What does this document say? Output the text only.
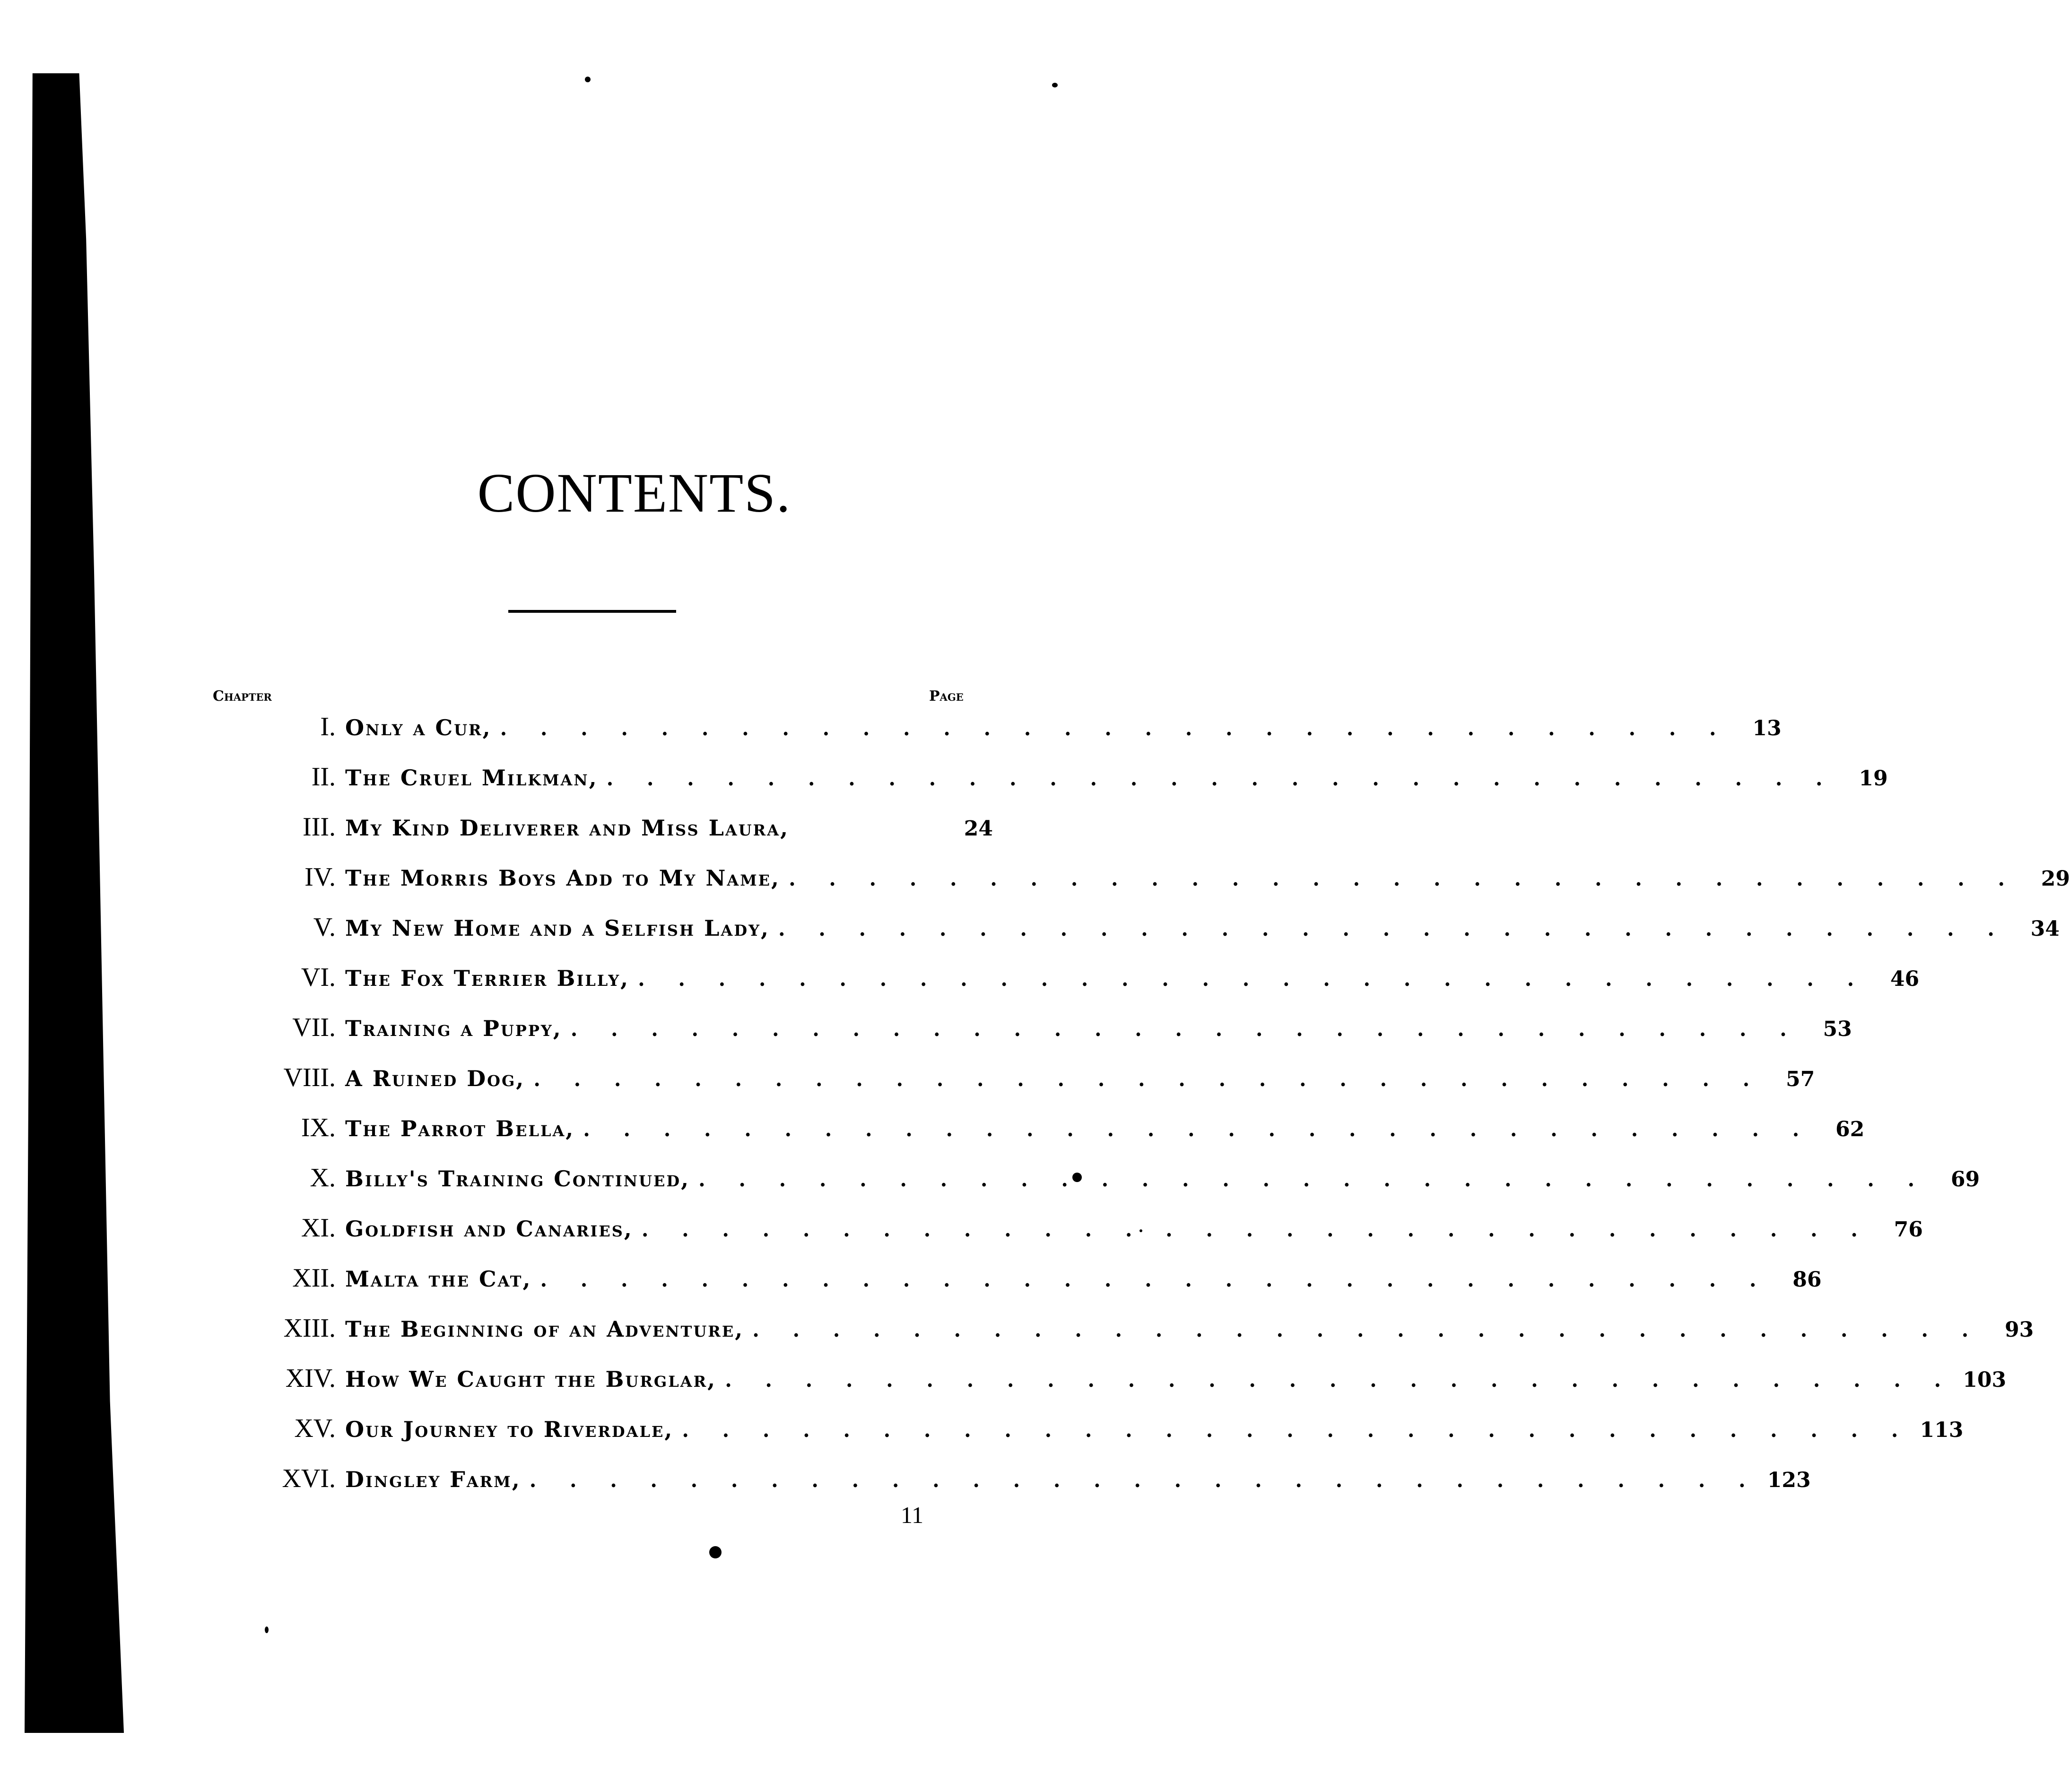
CONTENTS.
Chapter	Page
I. Only a Cur, . . . . . . . . . . . . . . . . . . . . . . . . . . . . . . .	13
II. The Cruel Milkman, . . . . . . . . . . . . . . . . . . . . . . . . . . . . . . .	19
III. My Kind Deliverer and Miss Laura,	24
IV. The Morris Boys Add to My Name, . . . . . . . . . . . . . . . . . . . . . . . . . . . . . . .	29
V. My New Home and a Selfish Lady, . . . . . . . . . . . . . . . . . . . . . . . . . . . . . . .	34
VI. The Fox Terrier Billy, . . . . . . . . . . . . . . . . . . . . . . . . . . . . . . .	46
VII. Training a Puppy, . . . . . . . . . . . . . . . . . . . . . . . . . . . . . . .	53
VIII. A Ruined Dog, . . . . . . . . . . . . . . . . . . . . . . . . . . . . . . .	57
IX. The Parrot Bella, . . . . . . . . . . . . . . . . . . . . . . . . . . . . . . .	62
X. Billy's Training Continued, . . . . . . . . . . . . . . . . . . . . . . . . . . . . . . .	69
XI. Goldfish and Canaries, . . . . . . . . . . . . . . . . . . . . . . . . . . . . . . .	76
XII. Malta the Cat, . . . . . . . . . . . . . . . . . . . . . . . . . . . . . . .	86
XIII. The Beginning of an Adventure, . . . . . . . . . . . . . . . . . . . . . . . . . . . . . . .	93
XIV. How We Caught the Burglar, . . . . . . . . . . . . . . . . . . . . . . . . . . . . . . . 103
XV. Our Journey to Riverdale, . . . . . . . . . . . . . . . . . . . . . . . . . . . . . . . 113
XVI. Dingley Farm, . . . . . . . . . . . . . . . . . . . . . . . . . . . . . . . 123
11
